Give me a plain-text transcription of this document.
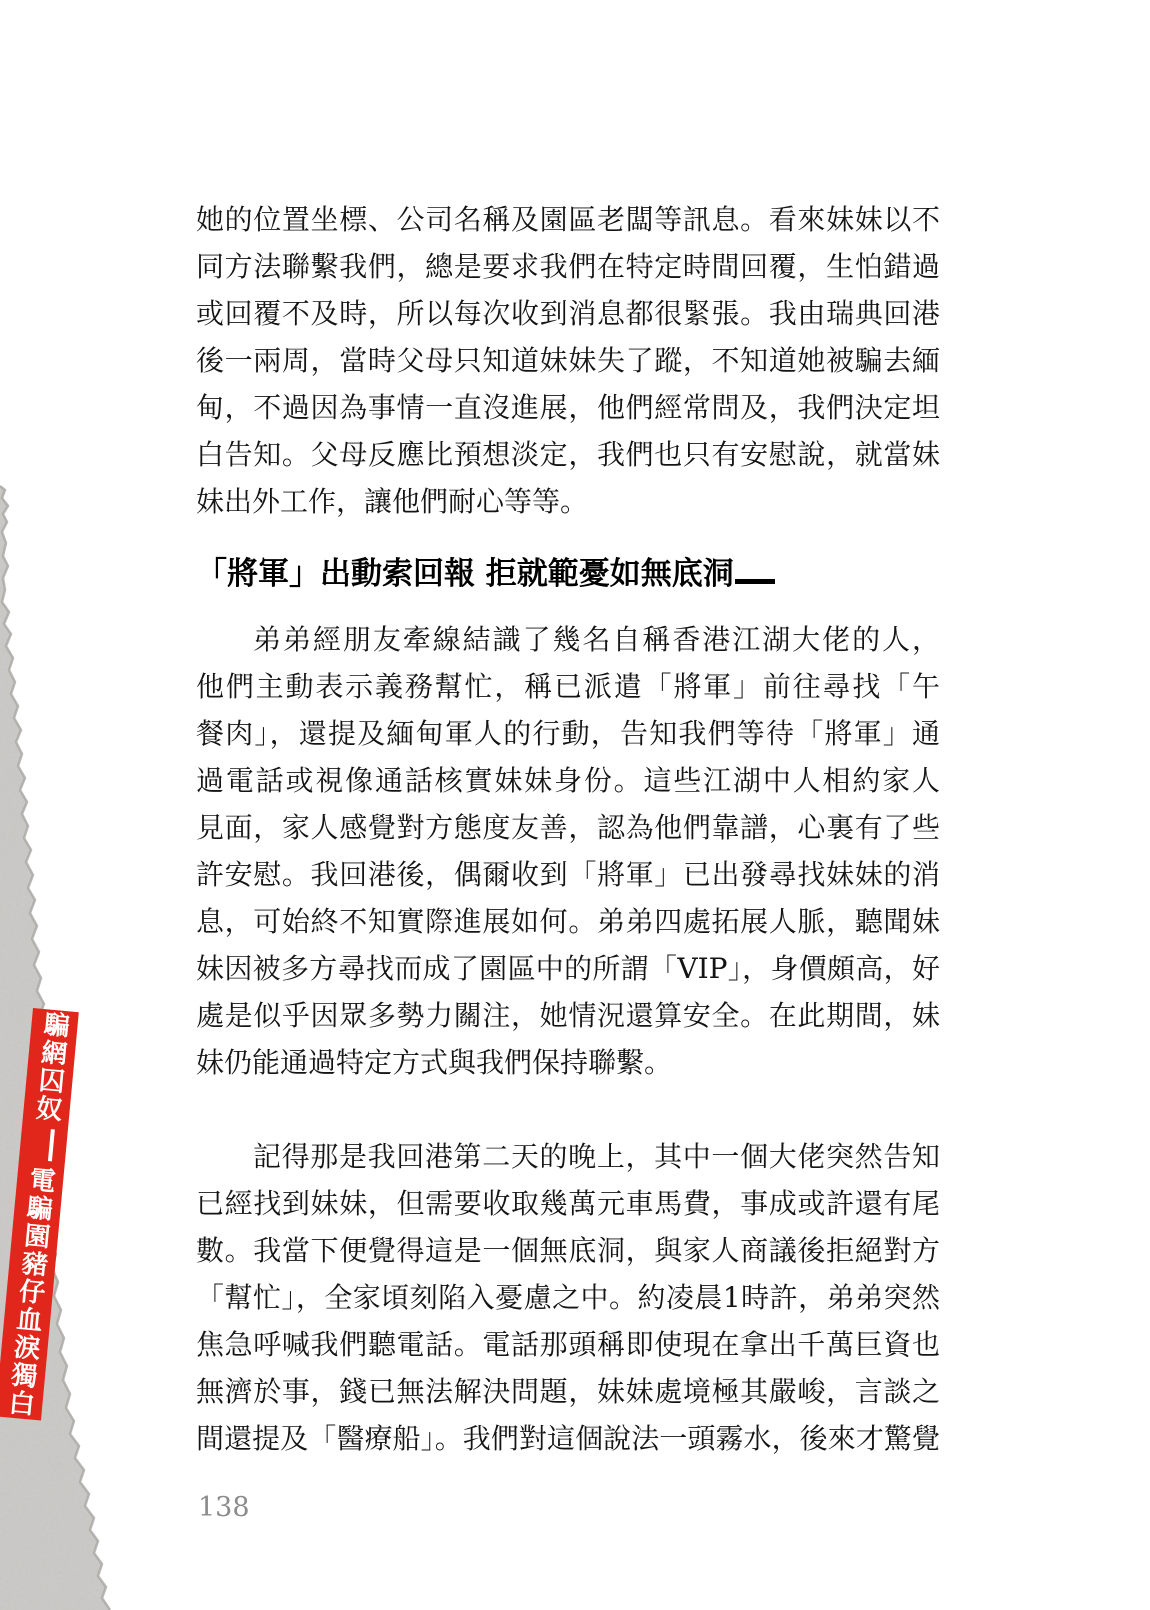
騙網囚奴電騙園豬仔血淚獨白
她的位置坐標、公司名稱及園區老闆等訊息。看來妹妹以不
同方法聯繫我們，總是要求我們在特定時間回覆，生怕錯過
或回覆不及時，所以每次收到消息都很緊張。我由瑞典回港
後一兩周，當時父母只知道妹妹失了蹤，不知道她被騙去緬
甸，不過因為事情一直沒進展，他們經常問及，我們決定坦
白告知。父母反應比預想淡定，我們也只有安慰說，就當妹
妹出外工作，讓他們耐心等等。
「將軍」出動索回報 拒就範憂如無底洞
弟弟經朋友牽線結識了幾名自稱香港江湖大佬的人，
他們主動表示義務幫忙，稱已派遣「將軍」前往尋找「午
餐肉」，還提及緬甸軍人的行動，告知我們等待「將軍」通
過電話或視像通話核實妹妹身份。這些江湖中人相約家人
見面，家人感覺對方態度友善，認為他們靠譜，心裏有了些
許安慰。我回港後，偶爾收到「將軍」已出發尋找妹妹的消
息，可始終不知實際進展如何。弟弟四處拓展人脈，聽聞妹
妹因被多方尋找而成了園區中的所謂「VIP」，身價頗高，好
處是似乎因眾多勢力關注，她情況還算安全。在此期間，妹
妹仍能通過特定方式與我們保持聯繫。
記得那是我回港第二天的晚上，其中一個大佬突然告知
已經找到妹妹，但需要收取幾萬元車馬費，事成或許還有尾
數。我當下便覺得這是一個無底洞，與家人商議後拒絕對方
「幫忙」，全家頃刻陷入憂慮之中。約凌晨1時許，弟弟突然
焦急呼喊我們聽電話。電話那頭稱即使現在拿出千萬巨資也
無濟於事，錢已無法解決問題，妹妹處境極其嚴峻，言談之
間還提及「醫療船」。我們對這個說法一頭霧水，後來才驚覺
138
